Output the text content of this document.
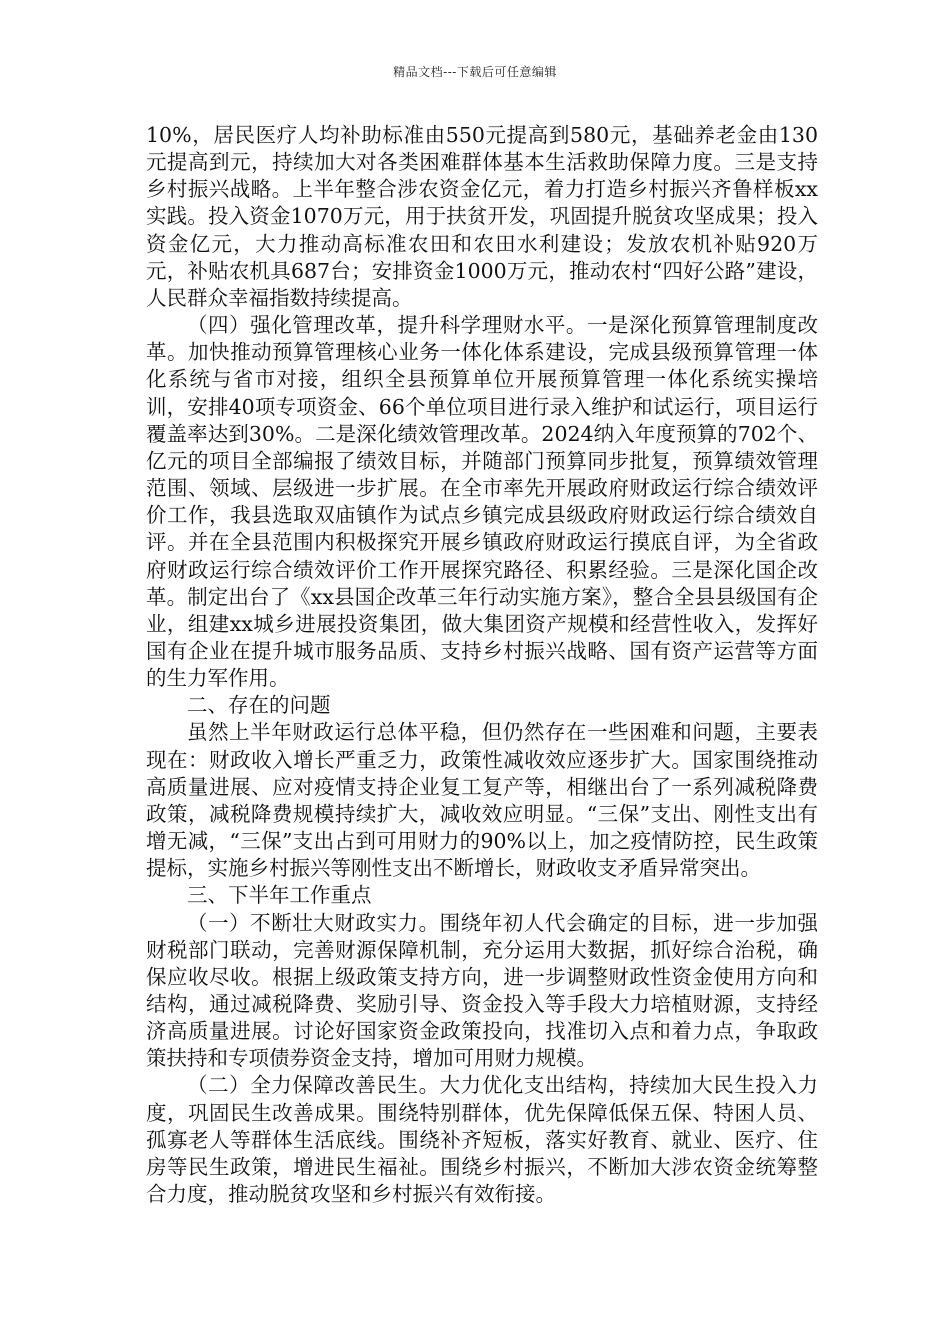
精品文档---下载后可任意编辑

10%，居民医疗人均补助标准由550元提高到580元，基础养老金由130元提高到元，持续加大对各类困难群体基本生活救助保障力度。三是支持乡村振兴战略。上半年整合涉农资金亿元，着力打造乡村振兴齐鲁样板xx实践。投入资金1070万元，用于扶贫开发，巩固提升脱贫攻坚成果；投入资金亿元，大力推动高标准农田和农田水利建设；发放农机补贴920万元，补贴农机具687台；安排资金1000万元，推动农村“四好公路”建设，人民群众幸福指数持续提高。

（四）强化管理改革，提升科学理财水平。一是深化预算管理制度改革。加快推动预算管理核心业务一体化体系建设，完成县级预算管理一体化系统与省市对接，组织全县预算单位开展预算管理一体化系统实操培训，安排40项专项资金、66个单位项目进行录入维护和试运行，项目运行覆盖率达到30%。二是深化绩效管理改革。2024纳入年度预算的702个、亿元的项目全部编报了绩效目标，并随部门预算同步批复，预算绩效管理范围、领域、层级进一步扩展。在全市率先开展政府财政运行综合绩效评价工作，我县选取双庙镇作为试点乡镇完成县级政府财政运行综合绩效自评。并在全县范围内积极探究开展乡镇政府财政运行摸底自评，为全省政府财政运行综合绩效评价工作开展探究路径、积累经验。三是深化国企改革。制定出台了《xx县国企改革三年行动实施方案》，整合全县县级国有企业，组建xx城乡进展投资集团，做大集团资产规模和经营性收入，发挥好国有企业在提升城市服务品质、支持乡村振兴战略、国有资产运营等方面的生力军作用。

二、存在的问题

虽然上半年财政运行总体平稳，但仍然存在一些困难和问题，主要表现在：财政收入增长严重乏力，政策性减收效应逐步扩大。国家围绕推动高质量进展、应对疫情支持企业复工复产等，相继出台了一系列减税降费政策，减税降费规模持续扩大，减收效应明显。“三保”支出、刚性支出有增无减，“三保”支出占到可用财力的90%以上，加之疫情防控，民生政策提标，实施乡村振兴等刚性支出不断增长，财政收支矛盾异常突出。

三、下半年工作重点

（一）不断壮大财政实力。围绕年初人代会确定的目标，进一步加强财税部门联动，完善财源保障机制，充分运用大数据，抓好综合治税，确保应收尽收。根据上级政策支持方向，进一步调整财政性资金使用方向和结构，通过减税降费、奖励引导、资金投入等手段大力培植财源，支持经济高质量进展。讨论好国家资金政策投向，找准切入点和着力点，争取政策扶持和专项债券资金支持，增加可用财力规模。

（二）全力保障改善民生。大力优化支出结构，持续加大民生投入力度，巩固民生改善成果。围绕特别群体，优先保障低保五保、特困人员、孤寡老人等群体生活底线。围绕补齐短板，落实好教育、就业、医疗、住房等民生政策，增进民生福祉。围绕乡村振兴，不断加大涉农资金统筹整合力度，推动脱贫攻坚和乡村振兴有效衔接。
